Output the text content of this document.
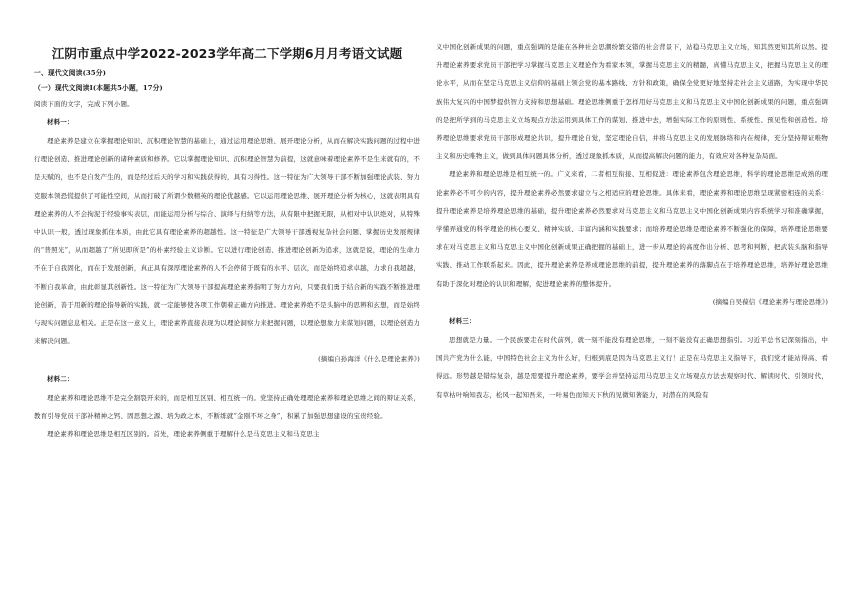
江阴市重点中学2022-2023学年高二下学期6月月考语文试题

一、现代文阅读(35分)

（一）现代文阅读I(本题共5小题，17分)

阅读下面的文字，完成下列小题。

材料一：

理论素养是建立在掌握理论知识、沉积理论智慧的基础上，通过运用理论思维、展开理论分析，从而在解决实践问题的过程中进行理论创造、推进理论创新的诸种素质和修养。它以掌握理论知识、沉积理论智慧为前提，这就意味着理论素养不是生来就有的，不是天赋的，也不是自发产生的，而是经过后天的学习和实践获得的，具有习得性。这一特征为广大领导干部不断加强理论武装、努力克服本领恐慌提供了可能性空间，从而打破了所谓少数精英的理论优越感。它以运用理论思维、展开理论分析为核心，这就表明具有理论素养的人不会拘泥于经验事实表层，而能运用分析与综合、演绎与归纳等方法，从有限中把握无限，从相对中认识绝对，从特殊中认识一般，透过现象抓住本质，由此它具有理论素养的超越性。这一特征是广大领导干部透视复杂社会问题、掌握历史发展规律的“普照光”，从而超越了“所见即所是”的朴素经验主义诊断。它以进行理论创造、推进理论创新为追求，这就是说，理论的生命力不在于自我固化，而在于发展创新，真正具有深厚理论素养的人不会停留于既有的水平、层次，而是始终追求卓越，力求自我超越，不断自我革命，由此彰显其创新性。这一特征为广大领导干部提高理论素养指明了努力方向，只要我们勇于结合新的实践不断推进理论创新，善于用新的理论指导新的实践，就一定能够使各项工作朝着正确方向推进。理论素养绝不是头脑中的思辨和玄想，而是始终与现实问题息息相关。正是在这一意义上，理论素养直接表现为以理论洞察力来把握问题，以理论想象力来谋划问题，以理论创造力来解决问题。

(摘编自孙海洋《什么是理论素养》)

材料二：

理论素养和理论思维不是完全割裂开来的，而是相互区别、相互统一的。党坚持正确处理理论素养和理论思维之间的辩证关系，教育引导党员干部补精神之钙、固思想之源、培为政之本，不断练就“金刚不坏之身”，积累了加强思想建设的宝贵经验。

理论素养和理论思维是相互区别的。首先，理论素养侧重于理解什么是马克思主义和马克思主

义中国化创新成果的问题，重点强调的是能在各种社会思潮纷繁交错的社会背景下，站稳马克思主义立场，知其然更知其所以然。提升理论素养要求党员干部把学习掌握马克思主义理论作为看家本领，掌握马克思主义的精髓，真懂马克思主义，把握马克思主义的理论水平，从而在坚定马克思主义信仰的基础上领会党的基本路线、方针和政策，确保全党更好地坚持走社会主义道路，为实现中华民族伟大复兴的中国梦提供智力支持和思想基础。理论思维侧重于怎样用好马克思主义和马克思主义中国化创新成果的问题，重点强调的是把所学到的马克思主义立场观点方法运用到具体工作的谋划、推进中去，增强实际工作的原则性、系统性、预见性和创造性。培养理论思维要求党员干部形成理论共识，提升理论自觉，坚定理论自信，并将马克思主义的发展脉络和内在规律，充分坚持辩证唯物主义和历史唯物主义，做到具体问题具体分析，透过现象抓本质，从而提高解决问题的能力，有效应对各种复杂局面。

理论素养和理论思维是相互统一的。广义来看，二者相互衔接、互相促进：理论素养包含理论思维，科学的理论思维是成熟的理论素养必不可少的内容，提升理论素养必然要求建立与之相适应的理论思维。具体来看，理论素养和理论思维呈现紧密相连的关系：提升理论素养是培养理论思维的基础，提升理论素养必然要求对马克思主义和马克思主义中国化创新成果内容系统学习和准确掌握，学懂弄通党的科学理论的核心要义、精神实质、丰富内涵和实践要求；而培养理论思维是理论素养不断强化的保障，培养理论思维要求在对马克思主义和马克思主义中国化创新成果正确把握的基础上，进一步从理论的高度作出分析、思考和判断，把武装头脑和指导实践、推动工作联系起来。因此，提升理论素养是养成理论思维的前提，提升理论素养的落脚点在于培养理论思维，培养好理论思维有助于深化对理论的认识和理解，促进理论素养的整体提升。

(摘编自吴葆信《理论素养与理论思维》)

材料三：

思想就是力量。一个民族要走在时代前列，就一刻不能没有理论思维，一刻不能没有正确思想指引。习近平总书记深刻指出，中国共产党为什么能，中国特色社会主义为什么好，归根到底是因为马克思主义行！正是在马克思主义指导下，我们党才能站得高、看得远。形势越是错综复杂，越是需要提升理论素养，要学会并坚持运用马克思主义立场观点方法去观察时代、解读时代、引领时代，有草枯叶响知我志，松风一起知吾来，一叶易色而知天下秋的见微知著能力，对潜在的风险有
